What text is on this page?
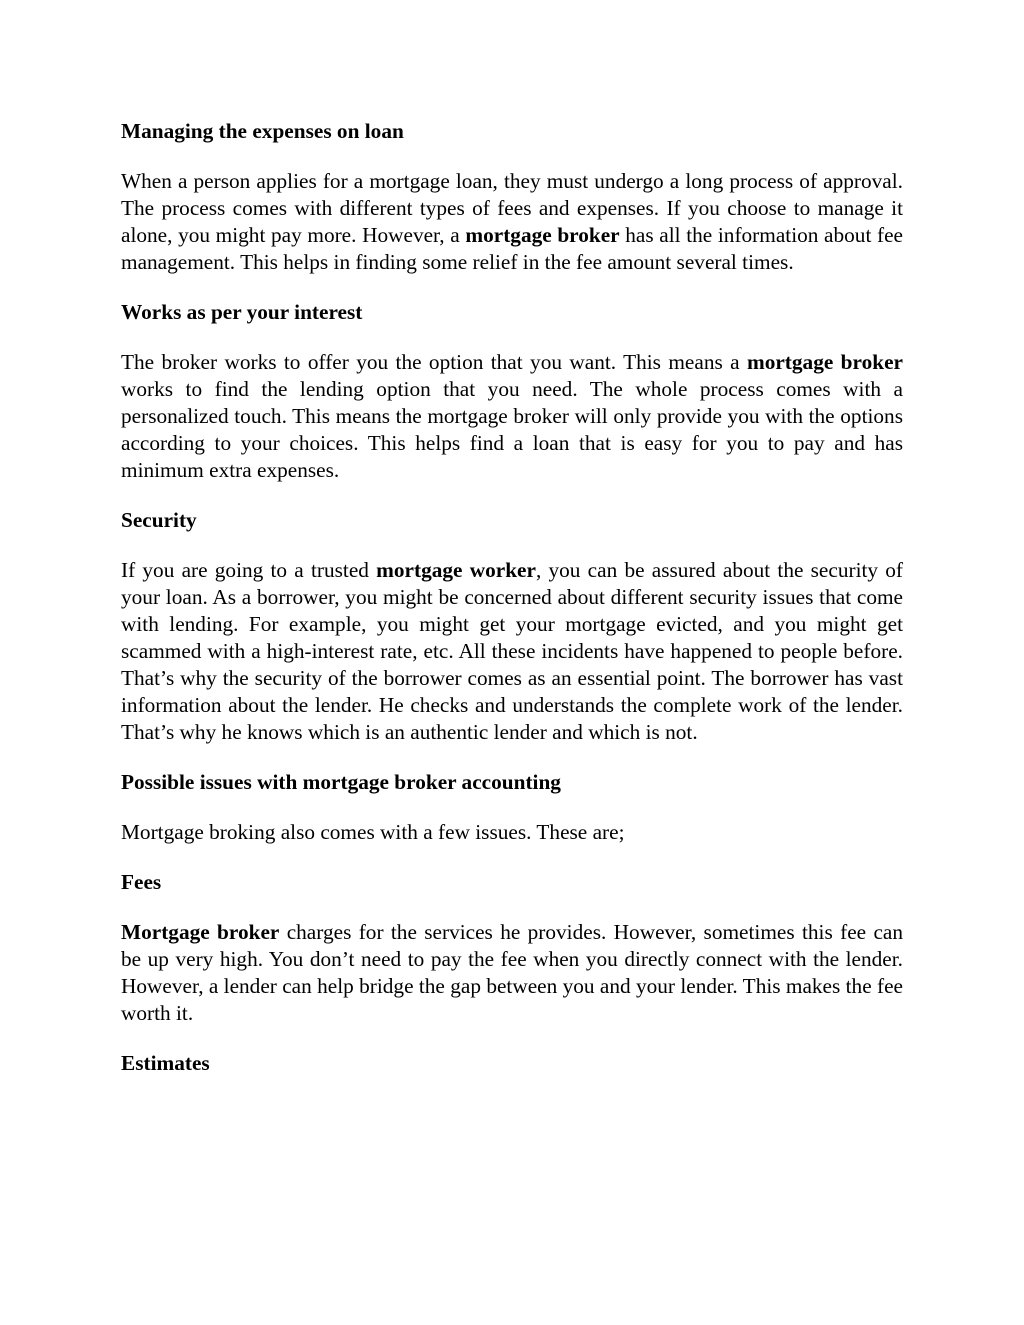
Managing the expenses on loan
When a person applies for a mortgage loan, they must undergo a long process of approval. The process comes with different types of fees and expenses. If you choose to manage it alone, you might pay more. However, a mortgage broker has all the information about fee management. This helps in finding some relief in the fee amount several times.
Works as per your interest
The broker works to offer you the option that you want. This means a mortgage broker works to find the lending option that you need. The whole process comes with a personalized touch. This means the mortgage broker will only provide you with the options according to your choices. This helps find a loan that is easy for you to pay and has minimum extra expenses.
Security
If you are going to a trusted mortgage worker, you can be assured about the security of your loan. As a borrower, you might be concerned about different security issues that come with lending. For example, you might get your mortgage evicted, and you might get scammed with a high-interest rate, etc. All these incidents have happened to people before. That’s why the security of the borrower comes as an essential point. The borrower has vast information about the lender. He checks and understands the complete work of the lender. That’s why he knows which is an authentic lender and which is not.
Possible issues with mortgage broker accounting
Mortgage broking also comes with a few issues. These are;
Fees
Mortgage broker charges for the services he provides. However, sometimes this fee can be up very high. You don’t need to pay the fee when you directly connect with the lender. However, a lender can help bridge the gap between you and your lender. This makes the fee worth it.
Estimates
